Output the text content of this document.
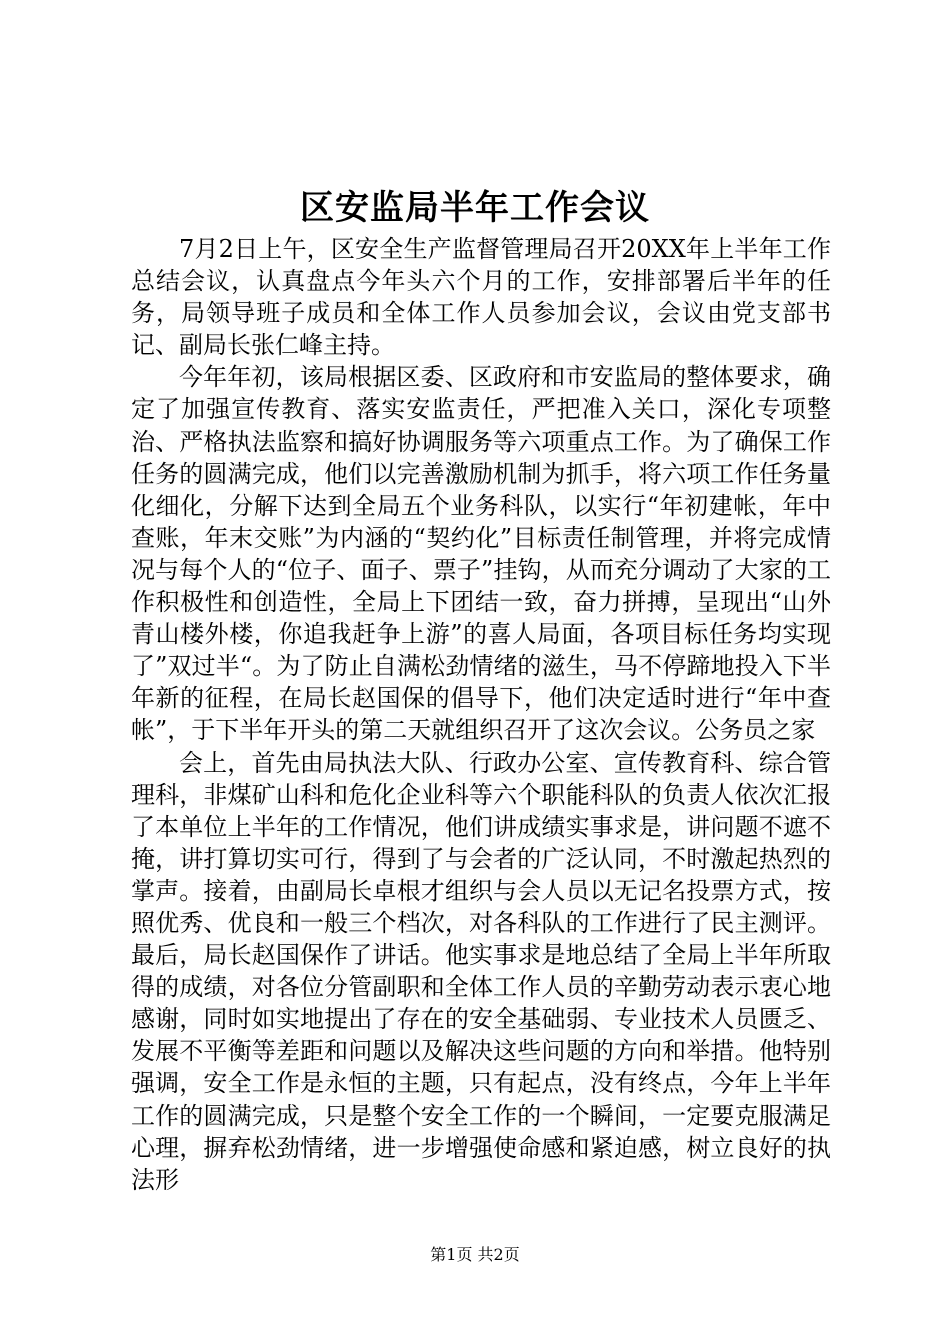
区安监局半年工作会议

7月2日上午，区安全生产监督管理局召开20XX年上半年工作总结会议，认真盘点今年头六个月的工作，安排部署后半年的任务，局领导班子成员和全体工作人员参加会议，会议由党支部书记、副局长张仁峰主持。

今年年初，该局根据区委、区政府和市安监局的整体要求，确定了加强宣传教育、落实安监责任，严把准入关口，深化专项整治、严格执法监察和搞好协调服务等六项重点工作。为了确保工作任务的圆满完成，他们以完善激励机制为抓手，将六项工作任务量化细化，分解下达到全局五个业务科队，以实行“年初建帐，年中查账，年末交账”为内涵的“契约化”目标责任制管理，并将完成情况与每个人的“位子、面子、票子”挂钩，从而充分调动了大家的工作积极性和创造性，全局上下团结一致，奋力拼搏，呈现出“山外青山楼外楼，你追我赶争上游”的喜人局面，各项目标任务均实现了”双过半“。为了防止自满松劲情绪的滋生，马不停蹄地投入下半年新的征程，在局长赵国保的倡导下，他们决定适时进行“年中查帐”，于下半年开头的第二天就组织召开了这次会议。公务员之家

会上，首先由局执法大队、行政办公室、宣传教育科、综合管理科，非煤矿山科和危化企业科等六个职能科队的负责人依次汇报了本单位上半年的工作情况，他们讲成绩实事求是，讲问题不遮不掩，讲打算切实可行，得到了与会者的广泛认同，不时激起热烈的掌声。接着，由副局长卓根才组织与会人员以无记名投票方式，按照优秀、优良和一般三个档次，对各科队的工作进行了民主测评。最后，局长赵国保作了讲话。他实事求是地总结了全局上半年所取得的成绩，对各位分管副职和全体工作人员的辛勤劳动表示衷心地感谢，同时如实地提出了存在的安全基础弱、专业技术人员匮乏、发展不平衡等差距和问题以及解决这些问题的方向和举措。他特别强调，安全工作是永恒的主题，只有起点，没有终点，今年上半年工作的圆满完成，只是整个安全工作的一个瞬间，一定要克服满足心理，摒弃松劲情绪，进一步增强使命感和紧迫感，树立良好的执法形

第1页 共2页
